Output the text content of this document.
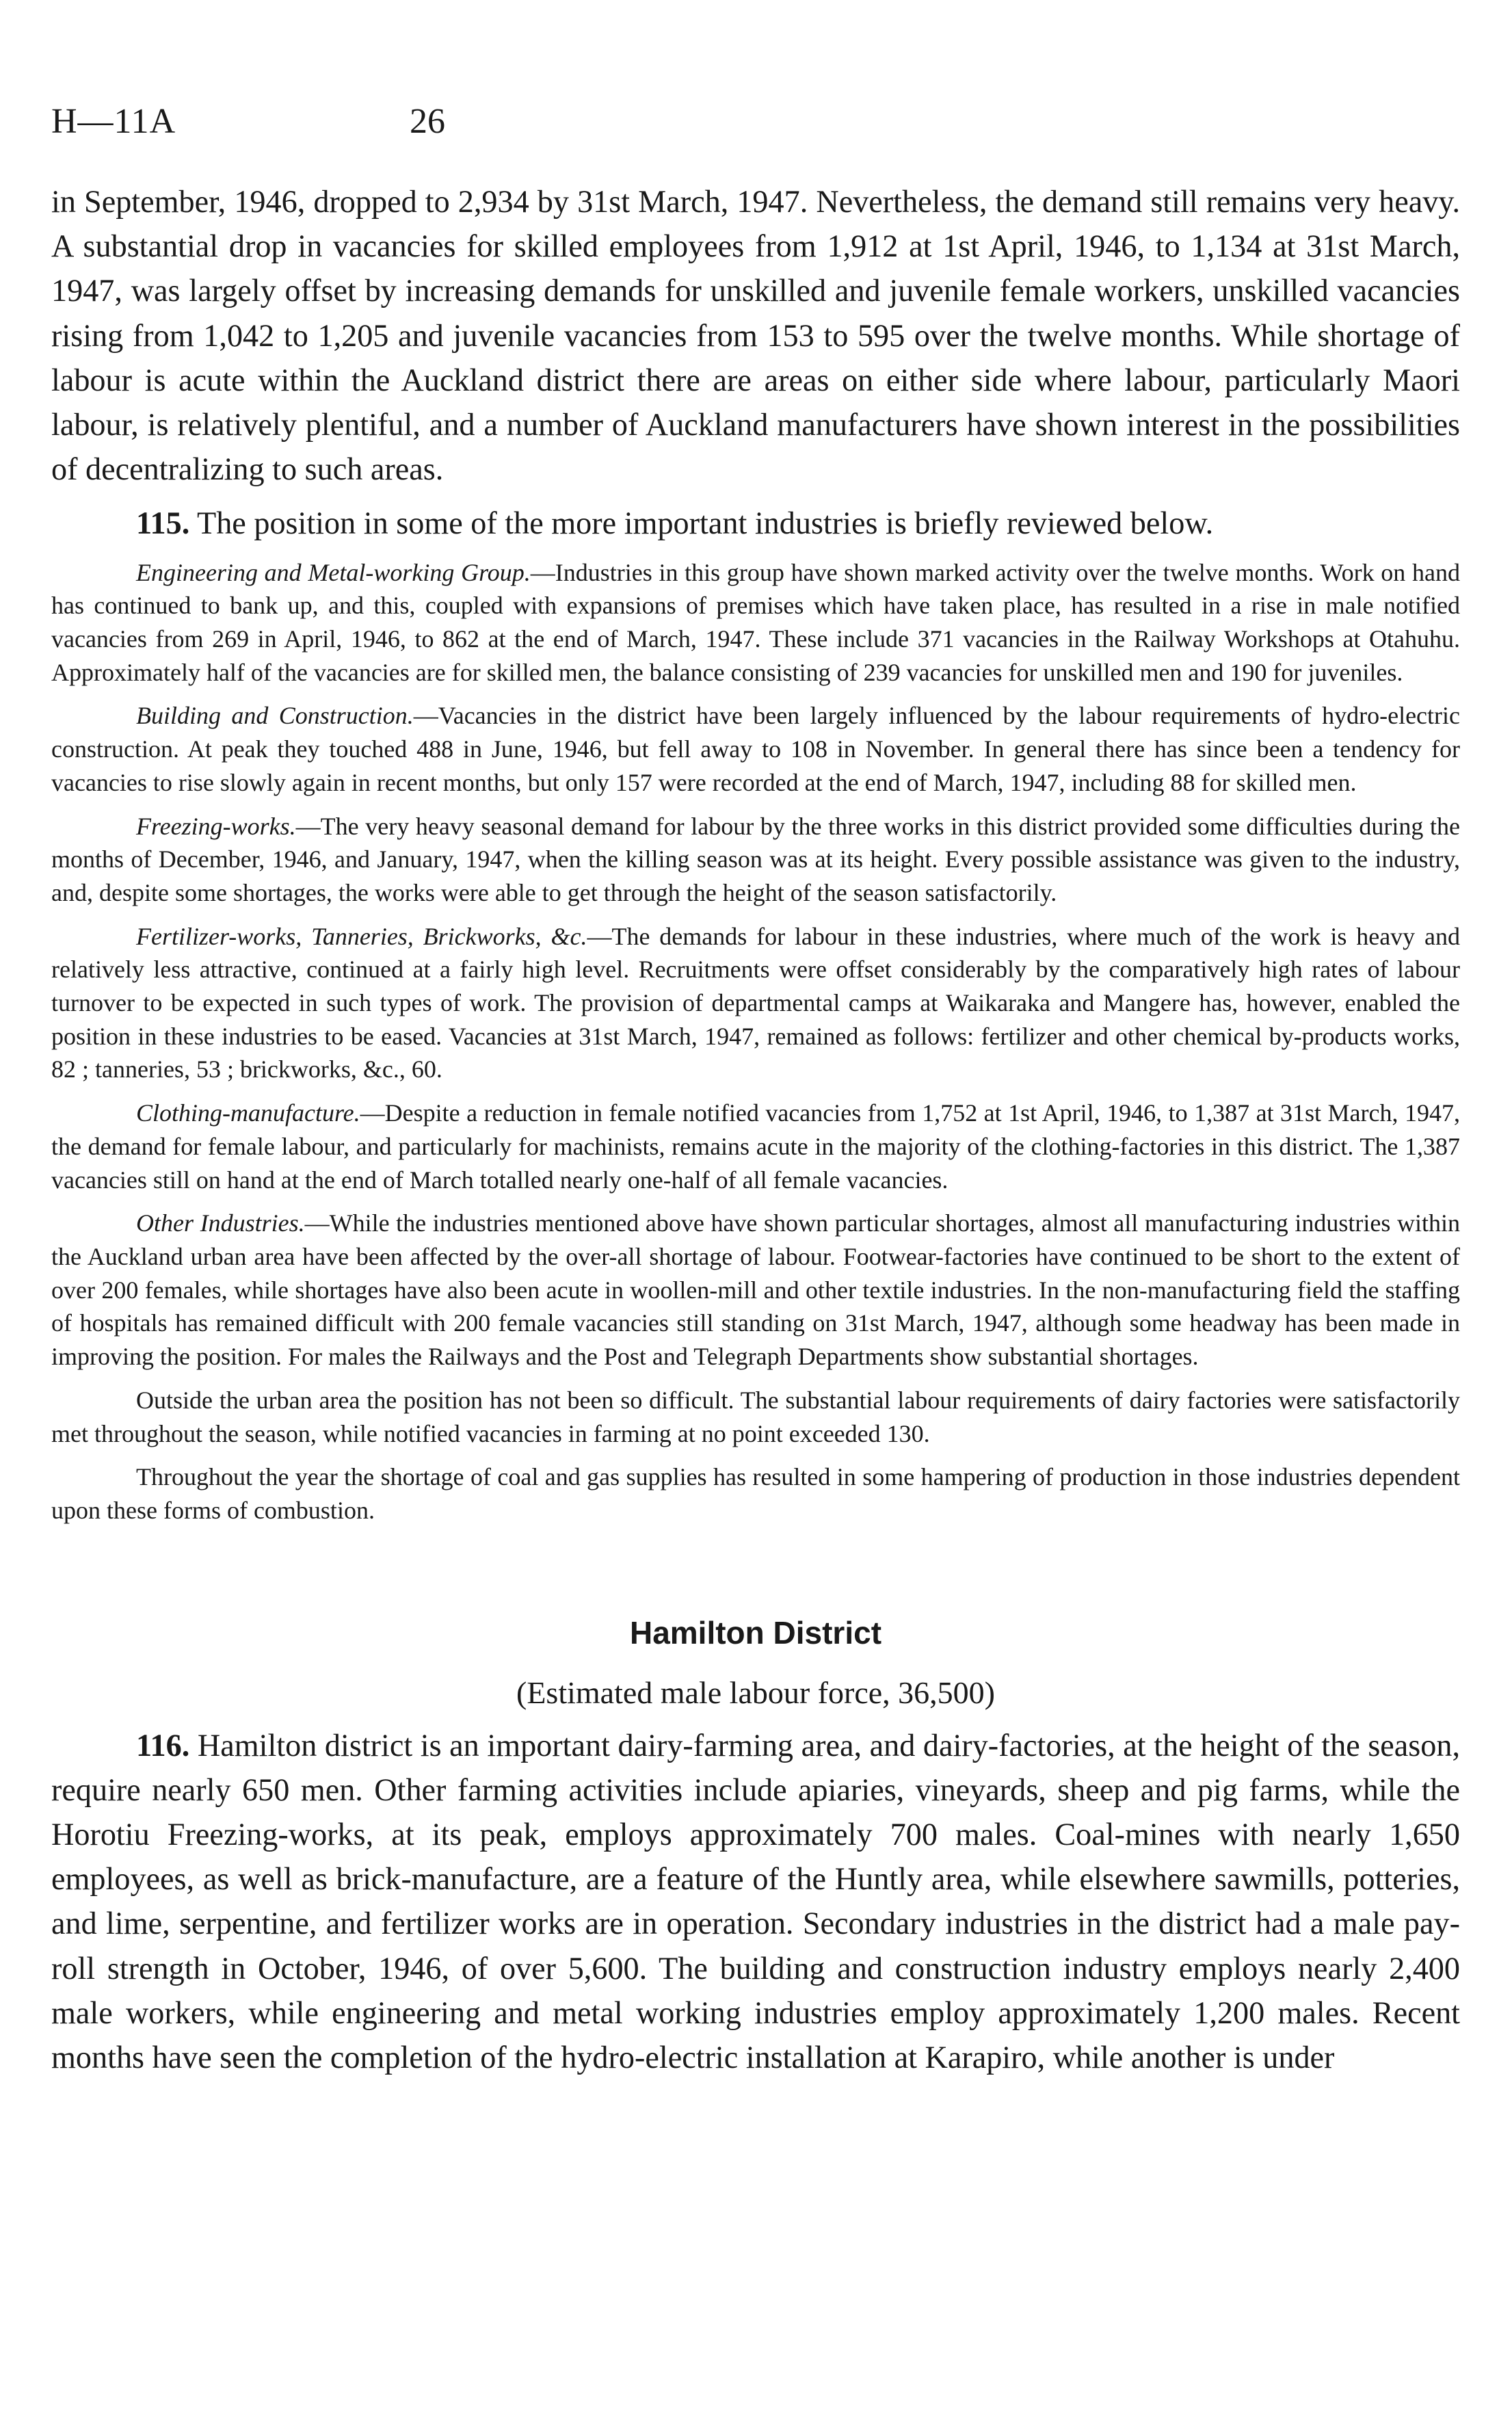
H—11A	26

in September, 1946, dropped to 2,934 by 31st March, 1947. Nevertheless, the demand still remains very heavy. A substantial drop in vacancies for skilled employees from 1,912 at 1st April, 1946, to 1,134 at 31st March, 1947, was largely offset by increasing demands for unskilled and juvenile female workers, unskilled vacancies rising from 1,042 to 1,205 and juvenile vacancies from 153 to 595 over the twelve months. While shortage of labour is acute within the Auckland district there are areas on either side where labour, particularly Maori labour, is relatively plentiful, and a number of Auckland manufacturers have shown interest in the possibilities of decentralizing to such areas.

115. The position in some of the more important industries is briefly reviewed below.

Engineering and Metal-working Group.—Industries in this group have shown marked activity over the twelve months. Work on hand has continued to bank up, and this, coupled with expansions of premises which have taken place, has resulted in a rise in male notified vacancies from 269 in April, 1946, to 862 at the end of March, 1947. These include 371 vacancies in the Railway Workshops at Otahuhu. Approximately half of the vacancies are for skilled men, the balance consisting of 239 vacancies for unskilled men and 190 for juveniles.

Building and Construction.—Vacancies in the district have been largely influenced by the labour requirements of hydro-electric construction. At peak they touched 488 in June, 1946, but fell away to 108 in November. In general there has since been a tendency for vacancies to rise slowly again in recent months, but only 157 were recorded at the end of March, 1947, including 88 for skilled men.

Freezing-works.—The very heavy seasonal demand for labour by the three works in this district provided some difficulties during the months of December, 1946, and January, 1947, when the killing season was at its height. Every possible assistance was given to the industry, and, despite some shortages, the works were able to get through the height of the season satisfactorily.

Fertilizer-works, Tanneries, Brickworks, &c.—The demands for labour in these industries, where much of the work is heavy and relatively less attractive, continued at a fairly high level. Recruitments were offset considerably by the comparatively high rates of labour turnover to be expected in such types of work. The provision of departmental camps at Waikaraka and Mangere has, however, enabled the position in these industries to be eased. Vacancies at 31st March, 1947, remained as follows: fertilizer and other chemical by-products works, 82 ; tanneries, 53 ; brickworks, &c., 60.

Clothing-manufacture.—Despite a reduction in female notified vacancies from 1,752 at 1st April, 1946, to 1,387 at 31st March, 1947, the demand for female labour, and particularly for machinists, remains acute in the majority of the clothing-factories in this district. The 1,387 vacancies still on hand at the end of March totalled nearly one-half of all female vacancies.

Other Industries.—While the industries mentioned above have shown particular shortages, almost all manufacturing industries within the Auckland urban area have been affected by the over-all shortage of labour. Footwear-factories have continued to be short to the extent of over 200 females, while shortages have also been acute in woollen-mill and other textile industries. In the non-manufacturing field the staffing of hospitals has remained difficult with 200 female vacancies still standing on 31st March, 1947, although some headway has been made in improving the position. For males the Railways and the Post and Telegraph Departments show substantial shortages.

Outside the urban area the position has not been so difficult. The substantial labour requirements of dairy factories were satisfactorily met throughout the season, while notified vacancies in farming at no point exceeded 130.

Throughout the year the shortage of coal and gas supplies has resulted in some hampering of production in those industries dependent upon these forms of combustion.

Hamilton District

(Estimated male labour force, 36,500)

116. Hamilton district is an important dairy-farming area, and dairy-factories, at the height of the season, require nearly 650 men. Other farming activities include apiaries, vineyards, sheep and pig farms, while the Horotiu Freezing-works, at its peak, employs approximately 700 males. Coal-mines with nearly 1,650 employees, as well as brick-manufacture, are a feature of the Huntly area, while elsewhere sawmills, potteries, and lime, serpentine, and fertilizer works are in operation. Secondary industries in the district had a male pay-roll strength in October, 1946, of over 5,600. The building and construction industry employs nearly 2,400 male workers, while engineering and metal working industries employ approximately 1,200 males. Recent months have seen the completion of the hydro-electric installation at Karapiro, while another is under
